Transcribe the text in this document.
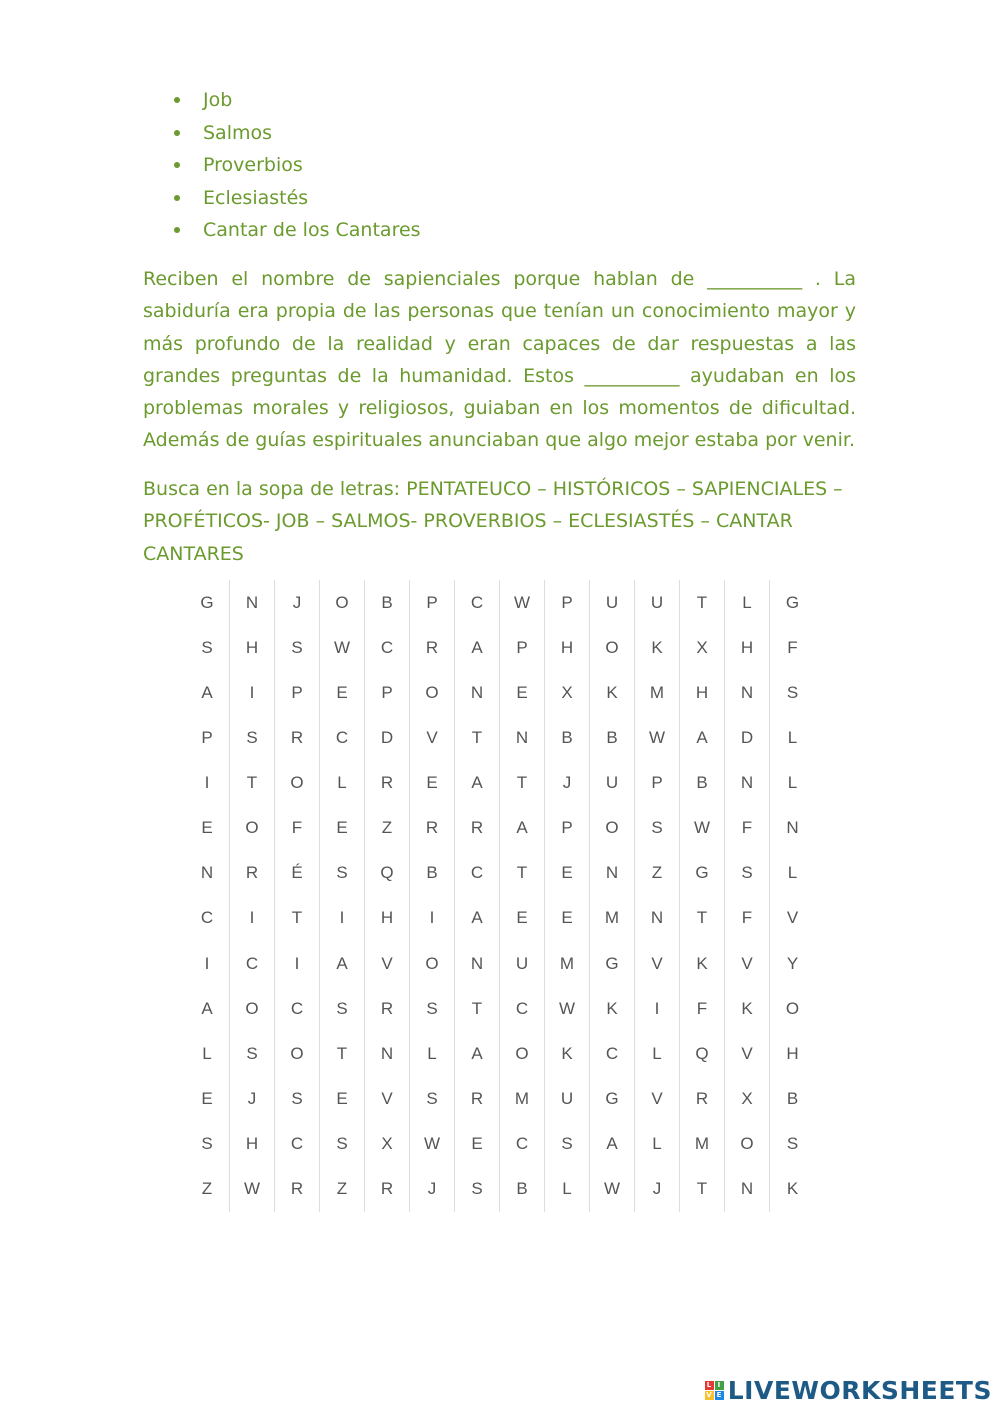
Job
Salmos
Proverbios
Eclesiastés
Cantar de los Cantares

Reciben el nombre de sapienciales porque hablan de __________ . La sabiduría era propia de las personas que tenían un conocimiento mayor y más profundo de la realidad y eran capaces de dar respuestas a las grandes preguntas de la humanidad. Estos __________ ayudaban en los problemas morales y religiosos, guiaban en los momentos de dificultad. Además de guías espirituales anunciaban que algo mejor estaba por venir.

Busca en la sopa de letras: PENTATEUCO – HISTÓRICOS – SAPIENCIALES – PROFÉTICOS- JOB – SALMOS- PROVERBIOS – ECLESIASTÉS – CANTAR CANTARES

G	N	J	O	B	P	C	W	P	U	U	T	L	G
S	H	S	W	C	R	A	P	H	O	K	X	H	F
A	I	P	E	P	O	N	E	X	K	M	H	N	S
P	S	R	C	D	V	T	N	B	B	W	A	D	L
I	T	O	L	R	E	A	T	J	U	P	B	N	L
E	O	F	E	Z	R	R	A	P	O	S	W	F	N
N	R	É	S	Q	B	C	T	E	N	Z	G	S	L
C	I	T	I	H	I	A	E	E	M	N	T	F	V
I	C	I	A	V	O	N	U	M	G	V	K	V	Y
A	O	C	S	R	S	T	C	W	K	I	F	K	O
L	S	O	T	N	L	A	O	K	C	L	Q	V	H
E	J	S	E	V	S	R	M	U	G	V	R	X	B
S	H	C	S	X	W	E	C	S	A	L	M	O	S
Z	W	R	Z	R	J	S	B	L	W	J	T	N	K
L I
V E LIVEWORKSHEETS
